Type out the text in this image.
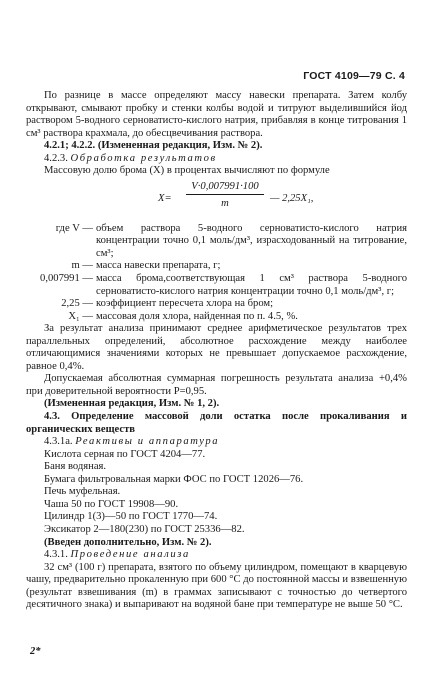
ГОСТ 4109—79 С. 4

По разнице в массе определяют массу навески препарата. Затем колбу открывают, смывают пробку и стенки колбы водой и титруют выделившийся йод раствором 5-водного серноватисто-кислого натрия, прибавляя в конце титрования 1 см³ раствора крахмала, до обесцвечивания раствора.

4.2.1; 4.2.2. (Измененная редакция, Изм. № 2).

4.2.3. Обработка результатов

Массовую долю брома (X) в процентах вычисляют по формуле

X=
V·0,007991·100
m	— 2,25X₁,
где V — объем раствора 5-водного серноватисто-кислого натрия концентрации точно 0,1 моль/дм³, израсходованный на титрование, см³;
m — масса навески препарата, г;
0,007991 — масса брома,соответствующая 1 см³ раствора 5-водного серноватисто-кислого натрия концентрации точно 0,1 моль/дм³, г;
2,25 — коэффициент пересчета хлора на бром;
X₁ — массовая доля хлора, найденная по п. 4.5, %.

За результат анализа принимают среднее арифметическое результатов трех параллельных определений, абсолютное расхождение между наиболее отличающимися значениями которых не превышает допускаемое расхождение, равное 0,4%.

Допускаемая абсолютная суммарная погрешность результата анализа +0,4% при доверительной вероятности P=0,95.

(Измененная редакция, Изм. № 1, 2).

4.3. Определение массовой доли остатка после прокаливания и органических веществ

4.3.1а. Реактивы и аппаратура

Кислота серная по ГОСТ 4204—77.

Баня водяная.

Бумага фильтровальная марки ФОС по ГОСТ 12026—76.

Печь муфельная.

Чаша 50 по ГОСТ 19908—90.

Цилиндр 1(3)—50 по ГОСТ 1770—74.

Эксикатор 2—180(230) по ГОСТ 25336—82.

(Введен дополнительно, Изм. № 2).

4.3.1. Проведение анализа

32 см³ (100 г) препарата, взятого по объему цилиндром, помещают в кварцевую чашу, предварительно прокаленную при 600 °С до постоянной массы и взвешенную (результат взвешивания (m) в граммах записывают с точностью до четвертого десятичного знака) и выпаривают на водяной бане при температуре не выше 50 °С.

2*
